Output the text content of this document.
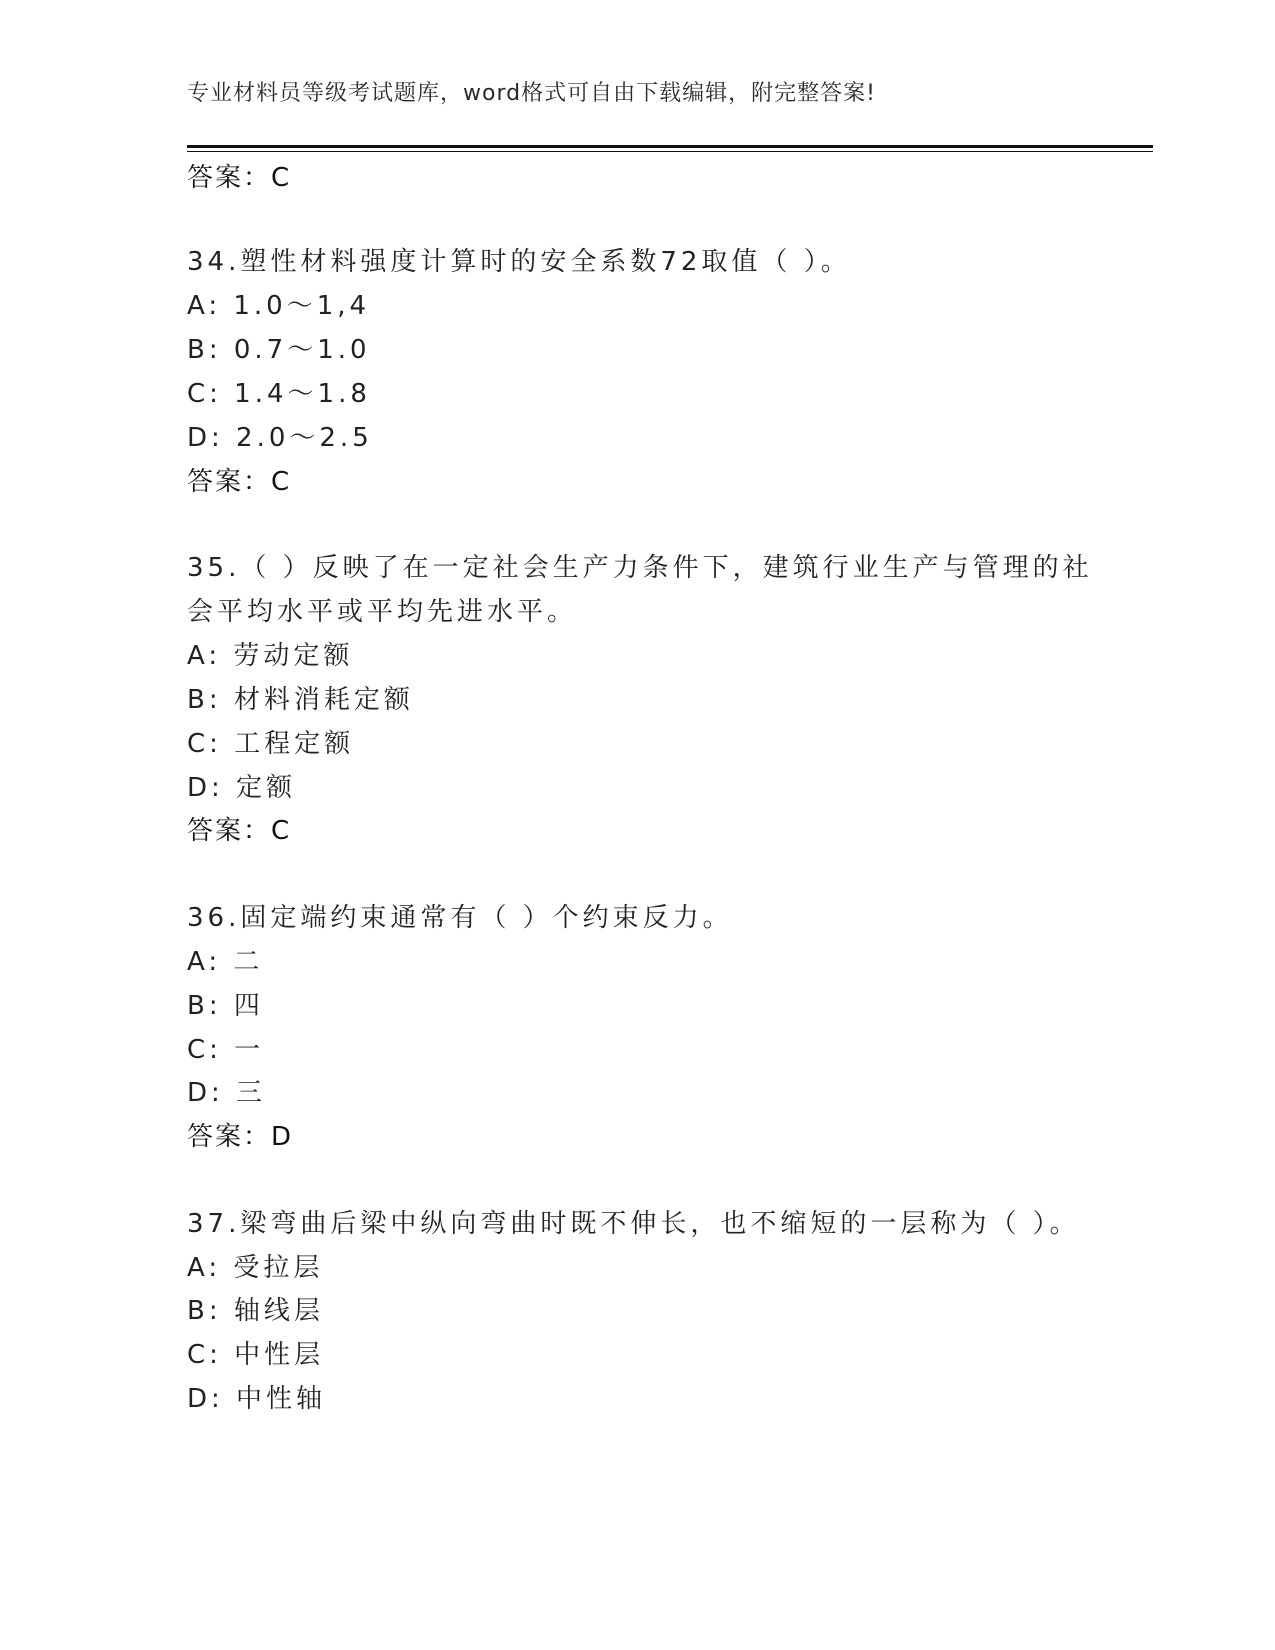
专业材料员等级考试题库，word格式可自由下载编辑，附完整答案!
答案：C
34.塑性材料强度计算时的安全系数72取值（ ）。
A: 1.0～1,4
B: 0.7～1.0
C: 1.4～1.8
D: 2.0～2.5
答案：C
35.（ ）反映了在一定社会生产力条件下，建筑行业生产与管理的社
会平均水平或平均先进水平。
A: 劳动定额
B: 材料消耗定额
C: 工程定额
D: 定额
答案：C
36.固定端约束通常有（ ）个约束反力。
A: 二
B: 四
C: 一
D: 三
答案：D
37.梁弯曲后梁中纵向弯曲时既不伸长，也不缩短的一层称为（ ）。
A: 受拉层
B: 轴线层
C: 中性层
D: 中性轴
